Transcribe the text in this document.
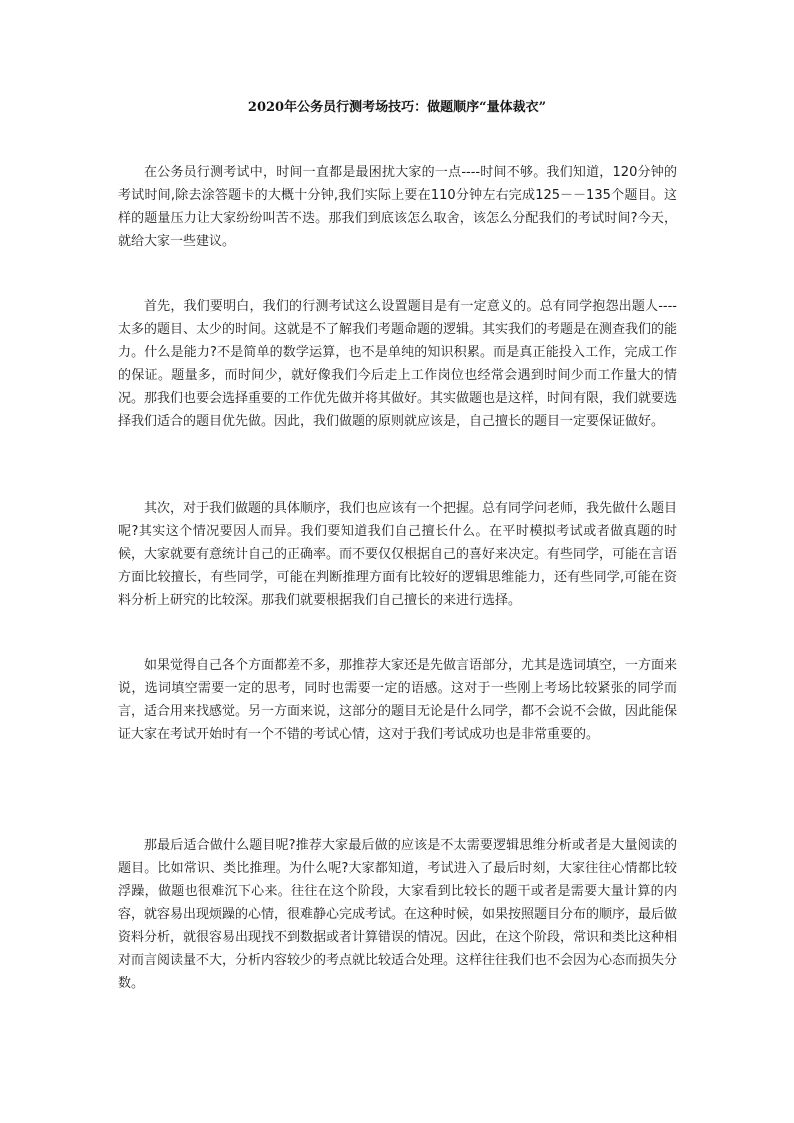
2020年公务员行测考场技巧：做题顺序“量体裁衣”

在公务员行测考试中，时间一直都是最困扰大家的一点----时间不够。我们知道，120分钟的考试时间,除去涂答题卡的大概十分钟,我们实际上要在110分钟左右完成125－－135个题目。这样的题量压力让大家纷纷叫苦不迭。那我们到底该怎么取舍，该怎么分配我们的考试时间?今天，就给大家一些建议。

首先，我们要明白，我们的行测考试这么设置题目是有一定意义的。总有同学抱怨出题人----太多的题目、太少的时间。这就是不了解我们考题命题的逻辑。其实我们的考题是在测查我们的能力。什么是能力?不是简单的数学运算，也不是单纯的知识积累。而是真正能投入工作，完成工作的保证。题量多，而时间少，就好像我们今后走上工作岗位也经常会遇到时间少而工作量大的情况。那我们也要会选择重要的工作优先做并将其做好。其实做题也是这样，时间有限，我们就要选择我们适合的题目优先做。因此，我们做题的原则就应该是，自己擅长的题目一定要保证做好。

其次，对于我们做题的具体顺序，我们也应该有一个把握。总有同学问老师，我先做什么题目呢?其实这个情况要因人而异。我们要知道我们自己擅长什么。在平时模拟考试或者做真题的时候，大家就要有意统计自己的正确率。而不要仅仅根据自己的喜好来决定。有些同学，可能在言语方面比较擅长，有些同学，可能在判断推理方面有比较好的逻辑思维能力，还有些同学,可能在资料分析上研究的比较深。那我们就要根据我们自己擅长的来进行选择。

如果觉得自己各个方面都差不多，那推荐大家还是先做言语部分，尤其是选词填空，一方面来说，选词填空需要一定的思考，同时也需要一定的语感。这对于一些刚上考场比较紧张的同学而言，适合用来找感觉。另一方面来说，这部分的题目无论是什么同学，都不会说不会做，因此能保证大家在考试开始时有一个不错的考试心情，这对于我们考试成功也是非常重要的。

那最后适合做什么题目呢?推荐大家最后做的应该是不太需要逻辑思维分析或者是大量阅读的题目。比如常识、类比推理。为什么呢?大家都知道，考试进入了最后时刻，大家往往心情都比较浮躁，做题也很难沉下心来。往往在这个阶段，大家看到比较长的题干或者是需要大量计算的内容，就容易出现烦躁的心情，很难静心完成考试。在这种时候，如果按照题目分布的顺序，最后做资料分析，就很容易出现找不到数据或者计算错误的情况。因此，在这个阶段，常识和类比这种相对而言阅读量不大，分析内容较少的考点就比较适合处理。这样往往我们也不会因为心态而损失分数。
